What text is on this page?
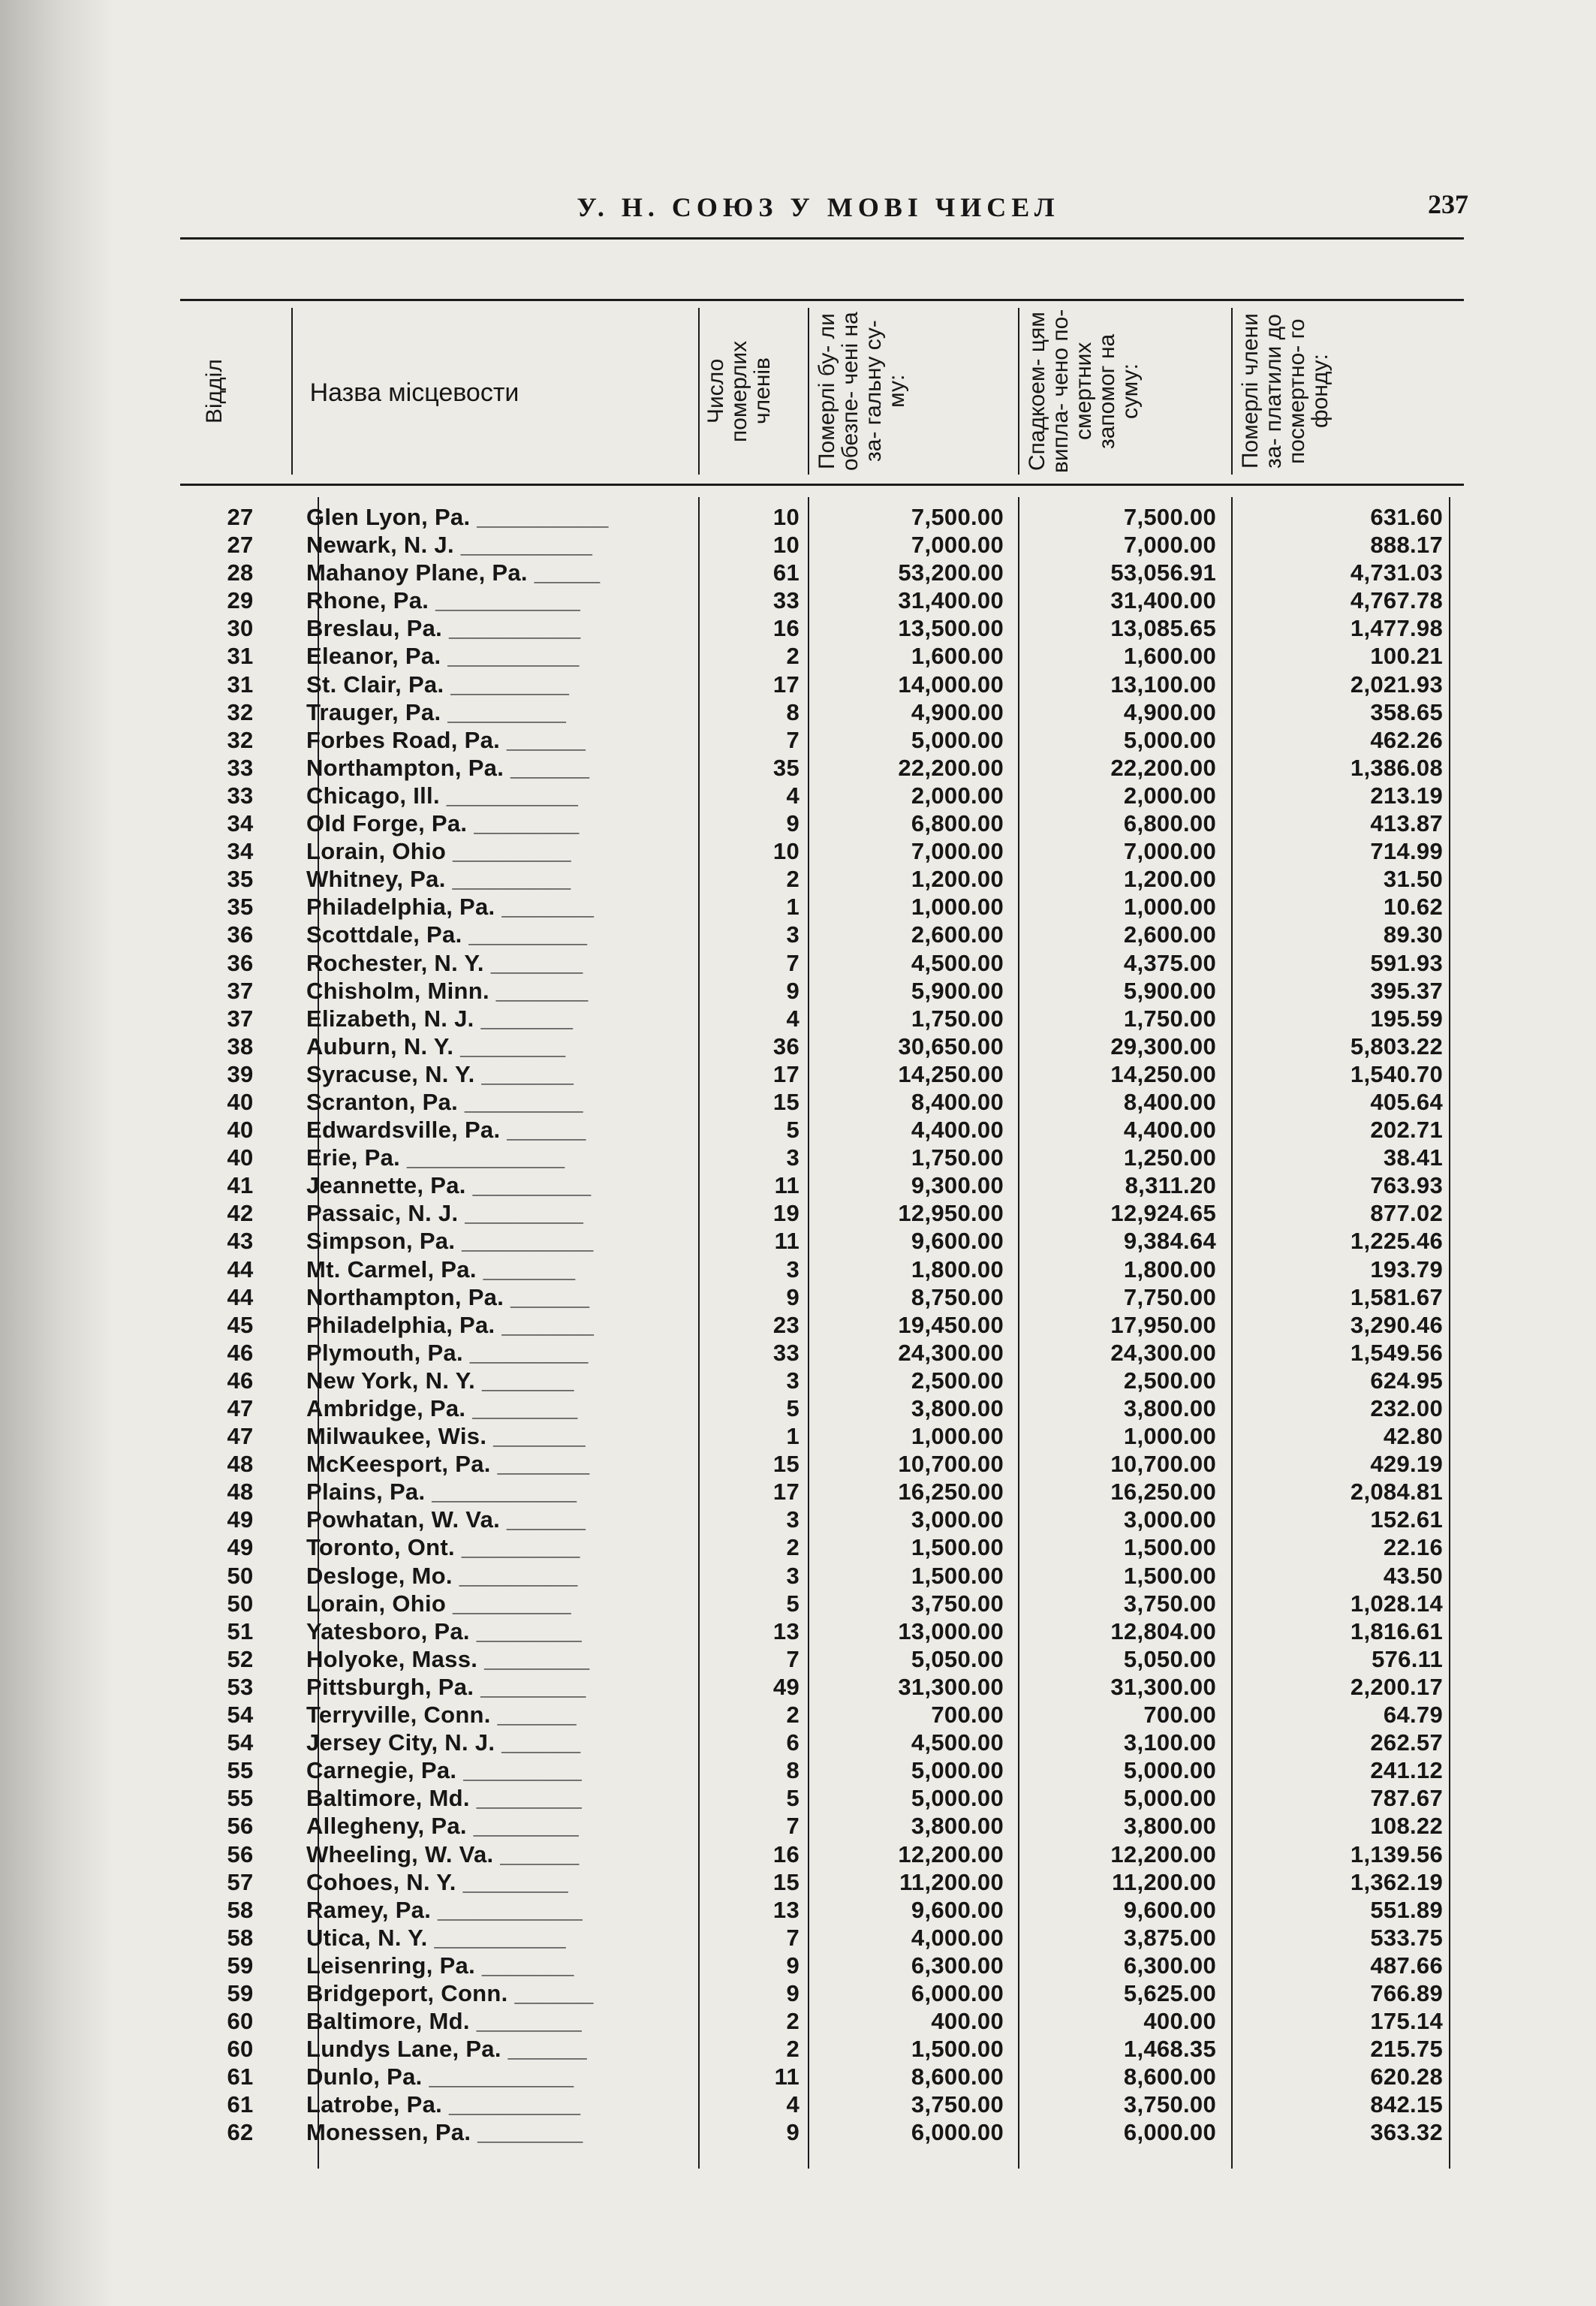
У. Н. СОЮЗ У МОВІ ЧИСЕЛ	237
Відділ	Назва місцевости	Число померлих членів	Померлі бу- ли обезпе- чені на за- гальну су- му:	Спадкоем- цям випла- чено по- смертних запомог на суму:	Померлі члени за- платили до посмертно- го фонду:
27	Glen Lyon, Pa. __________	10	7,500.00	7,500.00	631.60
27	Newark, N. J. __________	10	7,000.00	7,000.00	888.17
28	Mahanoy Plane, Pa. _____	61	53,200.00	53,056.91	4,731.03
29	Rhone, Pa. ___________	33	31,400.00	31,400.00	4,767.78
30	Breslau, Pa. __________	16	13,500.00	13,085.65	1,477.98
31	Eleanor, Pa. __________	2	1,600.00	1,600.00	100.21
31	St. Clair, Pa. _________	17	14,000.00	13,100.00	2,021.93
32	Trauger, Pa. _________	8	4,900.00	4,900.00	358.65
32	Forbes Road, Pa. ______	7	5,000.00	5,000.00	462.26
33	Northampton, Pa. ______	35	22,200.00	22,200.00	1,386.08
33	Chicago, Ill. __________	4	2,000.00	2,000.00	213.19
34	Old Forge, Pa. ________	9	6,800.00	6,800.00	413.87
34	Lorain, Ohio _________	10	7,000.00	7,000.00	714.99
35	Whitney, Pa. _________	2	1,200.00	1,200.00	31.50
35	Philadelphia, Pa. _______	1	1,000.00	1,000.00	10.62
36	Scottdale, Pa. _________	3	2,600.00	2,600.00	89.30
36	Rochester, N. Y. _______	7	4,500.00	4,375.00	591.93
37	Chisholm, Minn. _______	9	5,900.00	5,900.00	395.37
37	Elizabeth, N. J. _______	4	1,750.00	1,750.00	195.59
38	Auburn, N. Y. ________	36	30,650.00	29,300.00	5,803.22
39	Syracuse, N. Y. _______	17	14,250.00	14,250.00	1,540.70
40	Scranton, Pa. _________	15	8,400.00	8,400.00	405.64
40	Edwardsville, Pa. ______	5	4,400.00	4,400.00	202.71
40	Erie, Pa. ____________	3	1,750.00	1,250.00	38.41
41	Jeannette, Pa. _________	11	9,300.00	8,311.20	763.93
42	Passaic, N. J. _________	19	12,950.00	12,924.65	877.02
43	Simpson, Pa. __________	11	9,600.00	9,384.64	1,225.46
44	Mt. Carmel, Pa. _______	3	1,800.00	1,800.00	193.79
44	Northampton, Pa. ______	9	8,750.00	7,750.00	1,581.67
45	Philadelphia, Pa. _______	23	19,450.00	17,950.00	3,290.46
46	Plymouth, Pa. _________	33	24,300.00	24,300.00	1,549.56
46	New York, N. Y. _______	3	2,500.00	2,500.00	624.95
47	Ambridge, Pa. ________	5	3,800.00	3,800.00	232.00
47	Milwaukee, Wis. _______	1	1,000.00	1,000.00	42.80
48	McKeesport, Pa. _______	15	10,700.00	10,700.00	429.19
48	Plains, Pa. ___________	17	16,250.00	16,250.00	2,084.81
49	Powhatan, W. Va. ______	3	3,000.00	3,000.00	152.61
49	Toronto, Ont. _________	2	1,500.00	1,500.00	22.16
50	Desloge, Mo. _________	3	1,500.00	1,500.00	43.50
50	Lorain, Ohio _________	5	3,750.00	3,750.00	1,028.14
51	Yatesboro, Pa. ________	13	13,000.00	12,804.00	1,816.61
52	Holyoke, Mass. ________	7	5,050.00	5,050.00	576.11
53	Pittsburgh, Pa. ________	49	31,300.00	31,300.00	2,200.17
54	Terryville, Conn. ______	2	700.00	700.00	64.79
54	Jersey City, N. J. ______	6	4,500.00	3,100.00	262.57
55	Carnegie, Pa. _________	8	5,000.00	5,000.00	241.12
55	Baltimore, Md. ________	5	5,000.00	5,000.00	787.67
56	Allegheny, Pa. ________	7	3,800.00	3,800.00	108.22
56	Wheeling, W. Va. ______	16	12,200.00	12,200.00	1,139.56
57	Cohoes, N. Y. ________	15	11,200.00	11,200.00	1,362.19
58	Ramey, Pa. ___________	13	9,600.00	9,600.00	551.89
58	Utica, N. Y. __________	7	4,000.00	3,875.00	533.75
59	Leisenring, Pa. _______	9	6,300.00	6,300.00	487.66
59	Bridgeport, Conn. ______	9	6,000.00	5,625.00	766.89
60	Baltimore, Md. ________	2	400.00	400.00	175.14
60	Lundys Lane, Pa. ______	2	1,500.00	1,468.35	215.75
61	Dunlo, Pa. ___________	11	8,600.00	8,600.00	620.28
61	Latrobe, Pa. __________	4	3,750.00	3,750.00	842.15
62	Monessen, Pa. ________	9	6,000.00	6,000.00	363.32
